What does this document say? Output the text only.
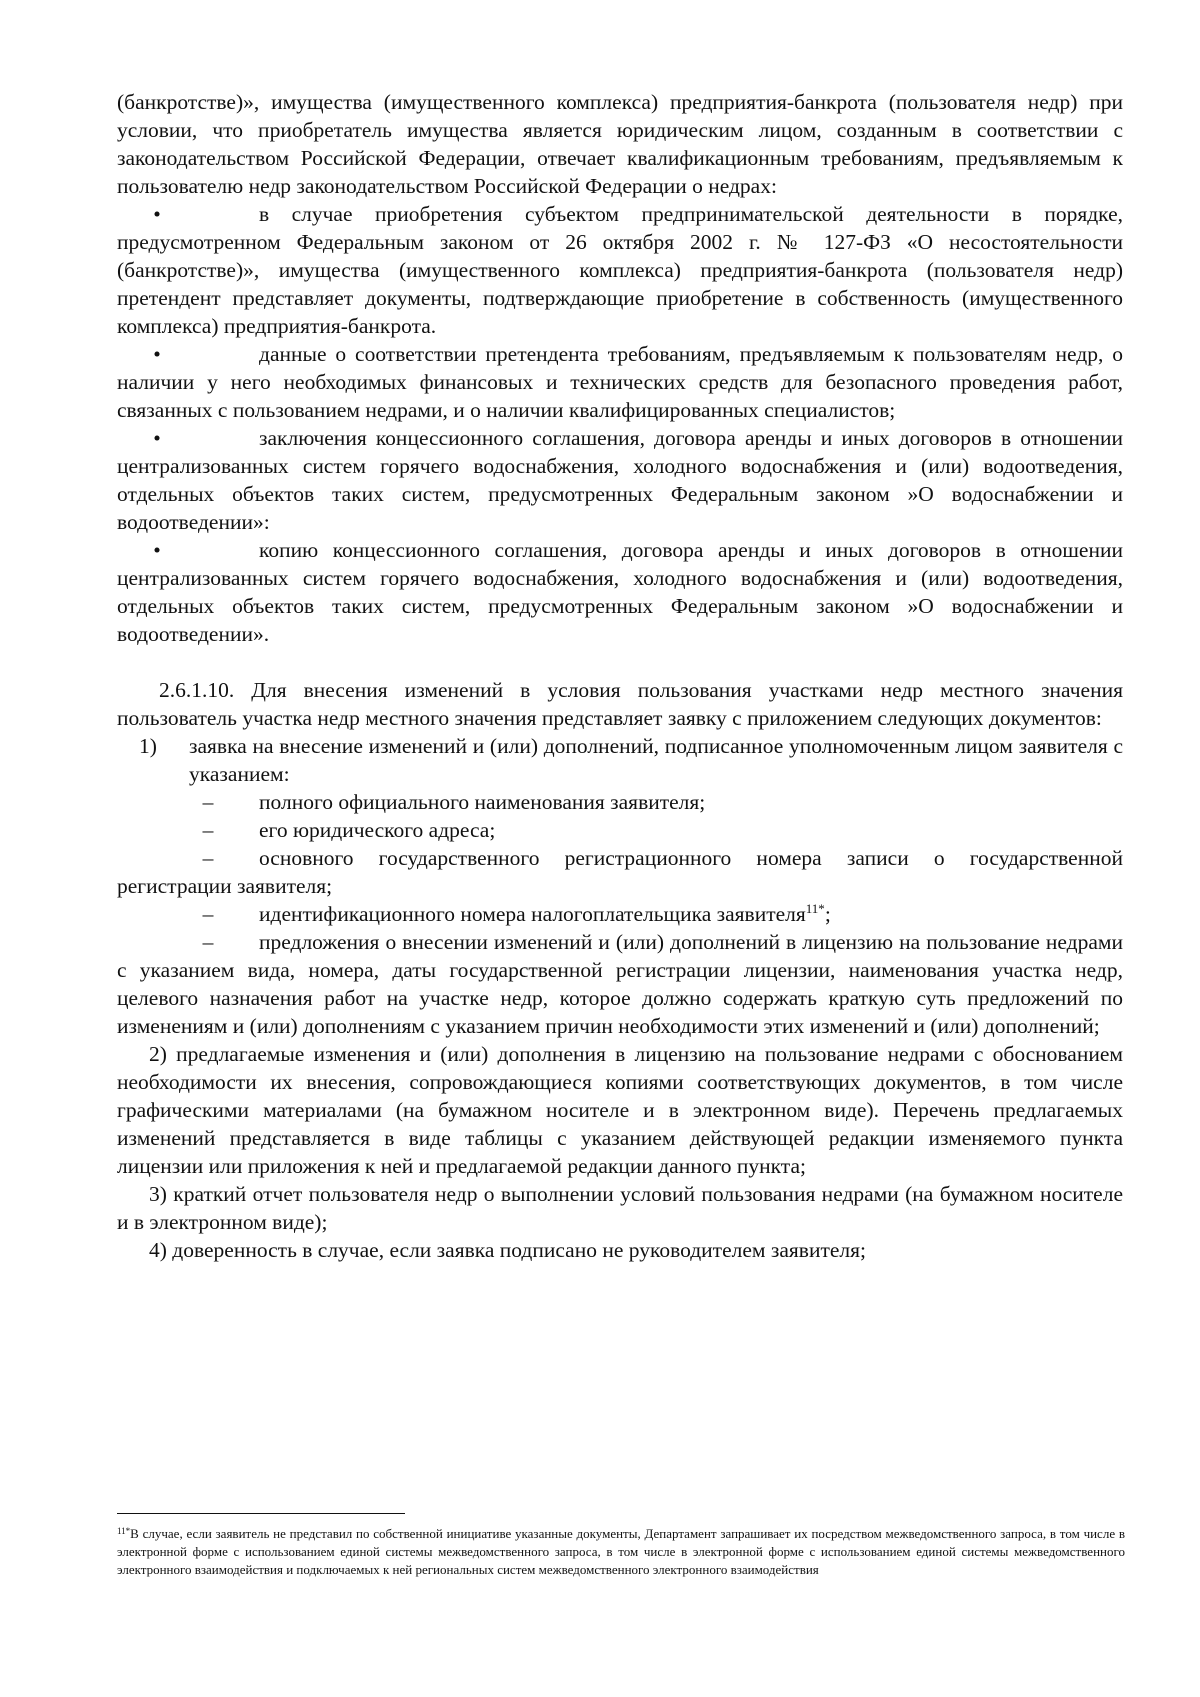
(банкротстве)», имущества (имущественного комплекса) предприятия-банкрота (пользователя недр) при условии, что приобретатель имущества является юридическим лицом, созданным в соответствии с законодательством Российской Федерации, отвечает квалификационным требованиям, предъявляемым к пользователю недр законодательством Российской Федерации о недрах:

•	в случае приобретения субъектом предпринимательской деятельности в порядке, предусмотренном Федеральным законом от 26 октября 2002 г. № 127-ФЗ «О несостоятельности (банкротстве)», имущества (имущественного комплекса) предприятия-банкрота (пользователя недр) претендент представляет документы, подтверждающие приобретение в собственность (имущественного комплекса) предприятия-банкрота.

•	данные о соответствии претендента требованиям, предъявляемым к пользователям недр, о наличии у него необходимых финансовых и технических средств для безопасного проведения работ, связанных с пользованием недрами, и о наличии квалифицированных специалистов;

•	заключения концессионного соглашения, договора аренды и иных договоров в отношении централизованных систем горячего водоснабжения, холодного водоснабжения и (или) водоотведения, отдельных объектов таких систем, предусмотренных Федеральным законом »О водоснабжении и водоотведении»:

•	копию концессионного соглашения, договора аренды и иных договоров в отношении централизованных систем горячего водоснабжения, холодного водоснабжения и (или) водоотведения, отдельных объектов таких систем, предусмотренных Федеральным законом »О водоснабжении и водоотведении».

2.6.1.10. Для внесения изменений в условия пользования участками недр местного значения пользователь участка недр местного значения представляет заявку с приложением следующих документов:

1) заявка на внесение изменений и (или) дополнений, подписанное уполномоченным лицом заявителя с указанием:

– полного официального наименования заявителя;

– его юридического адреса;

– основного государственного регистрационного номера записи о государственной регистрации заявителя;

– идентификационного номера налогоплательщика заявителя$^{11*}$;

– предложения о внесении изменений и (или) дополнений в лицензию на пользование недрами с указанием вида, номера, даты государственной регистрации лицензии, наименования участка недр, целевого назначения работ на участке недр, которое должно содержать краткую суть предложений по изменениям и (или) дополнениям с указанием причин необходимости этих изменений и (или) дополнений;

2) предлагаемые изменения и (или) дополнения в лицензию на пользование недрами с обоснованием необходимости их внесения, сопровождающиеся копиями соответствующих документов, в том числе графическими материалами (на бумажном носителе и в электронном виде). Перечень предлагаемых изменений представляется в виде таблицы с указанием действующей редакции изменяемого пункта лицензии или приложения к ней и предлагаемой редакции данного пункта;

3) краткий отчет пользователя недр о выполнении условий пользования недрами (на бумажном носителе и в электронном виде);

4) доверенность в случае, если заявка подписано не руководителем заявителя;

$^{11*}$В случае, если заявитель не представил по собственной инициативе указанные документы, Департамент запрашивает их посредством межведомственного запроса, в том числе в электронной форме с использованием единой системы межведомственного запроса, в том числе в электронной форме с использованием единой системы межведомственного электронного взаимодействия и подключаемых к ней региональных систем межведомственного электронного взаимодействия
